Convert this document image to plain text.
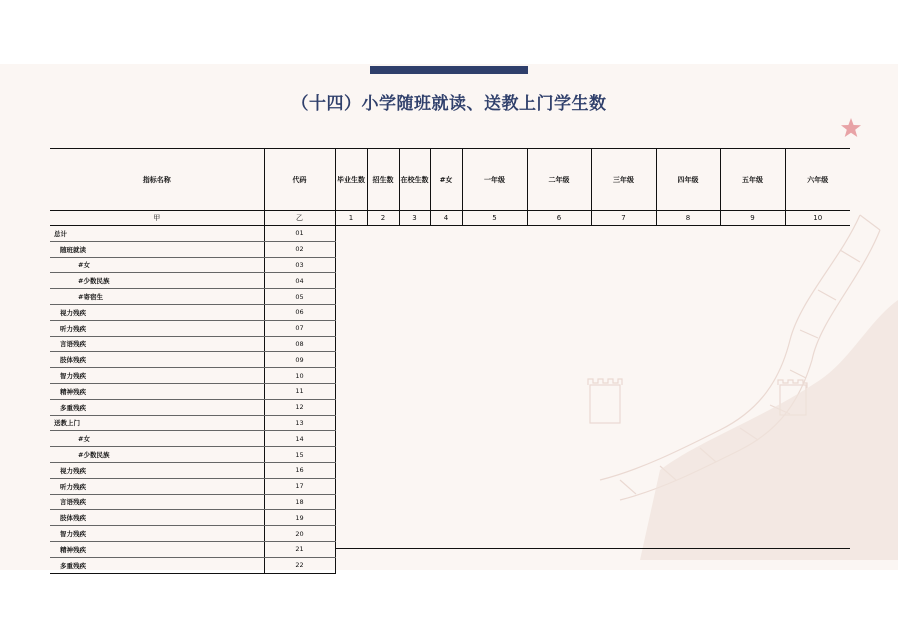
（十四）小学随班就读、送教上门学生数
指标名称	代码	毕业生数	招生数	在校生数	#女	一年级	二年级	三年级	四年级	五年级	六年级
甲	乙	1	2	3	4	5	6	7	8	9	10
总计	01										
随班就读	02										
#女	03										
#少数民族	04										
#寄宿生	05										
视力残疾	06										
听力残疾	07										
言语残疾	08										
肢体残疾	09										
智力残疾	10										
精神残疾	11										
多重残疾	12										
送教上门	13										
#女	14										
#少数民族	15										
视力残疾	16										
听力残疾	17										
言语残疾	18										
肢体残疾	19										
智力残疾	20										
精神残疾	21										
多重残疾	22										
